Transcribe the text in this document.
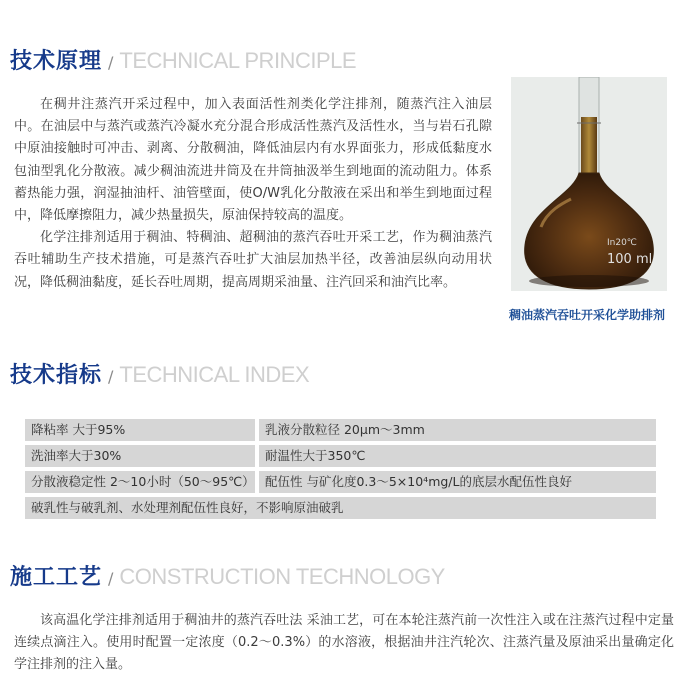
技术原理 / TECHNICAL PRINCIPLE

在稠井注蒸汽开采过程中，加入表面活性剂类化学注排剂，随蒸汽注入油层中。在油层中与蒸汽或蒸汽冷凝水充分混合形成活性蒸汽及活性水，当与岩石孔隙中原油接触时可冲击、剥离、分散稠油，降低油层内有水界面张力，形成低黏度水包油型乳化分散液。减少稠油流进井筒及在井筒抽汲举生到地面的流动阻力。体系蓄热能力强，润湿抽油杆、油管壁面，使O/W乳化分散液在采出和举生到地面过程中，降低摩擦阻力，减少热量损失，原油保持较高的温度。

化学注排剂适用于稠油、特稠油、超稠油的蒸汽吞吐开采工艺，作为稠油蒸汽吞吐辅助生产技术措施，可是蒸汽吞吐扩大油层加热半径，改善油层纵向动用状况，降低稠油黏度，延长吞吐周期，提高周期采油量、注汽回采和油汽比率。

In20℃
100 ml
稠油蒸汽吞吐开采化学助排剂
技术指标 / TECHNICAL INDEX
降粘率 大于95%	乳液分散粒径 20μm～3mm
洗油率大于30%	耐温性大于350℃
分散液稳定性 2～10小时（50～95℃） 配伍性 与矿化度0.3～5×10⁴mg/L的底层水配伍性良好
破乳性与破乳剂、水处理剂配伍性良好，不影响原油破乳
施工工艺 / CONSTRUCTION TECHNOLOGY

该高温化学注排剂适用于稠油井的蒸汽吞吐法 采油工艺，可在本轮注蒸汽前一次性注入或在注蒸汽过程中定量连续点滴注入。使用时配置一定浓度（0.2～0.3%）的水溶液，根据油井注汽轮次、注蒸汽量及原油采出量确定化学注排剂的注入量。
